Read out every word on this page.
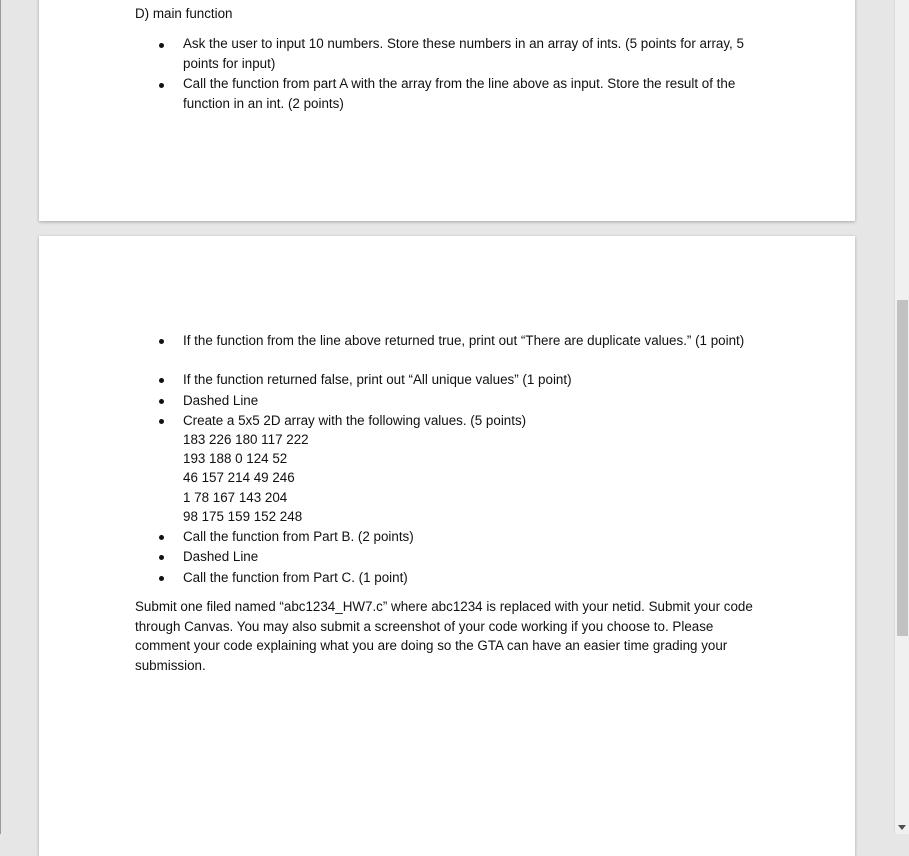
D) main function
Ask the user to input 10 numbers. Store these numbers in an array of ints. (5 points for array, 5 points for input)
Call the function from part A with the array from the line above as input. Store the result of the function in an int. (2 points)
If the function from the line above returned true, print out “There are duplicate values.” (1 point)
If the function returned false, print out “All unique values” (1 point)
Dashed Line
Create a 5x5 2D array with the following values. (5 points)
183 226 180 117 222
193 188 0 124 52
46 157 214 49 246
1 78 167 143 204
98 175 159 152 248
Call the function from Part B. (2 points)
Dashed Line
Call the function from Part C. (1 point)
Submit one filed named “abc1234_HW7.c” where abc1234 is replaced with your netid. Submit your code through Canvas. You may also submit a screenshot of your code working if you choose to. Please comment your code explaining what you are doing so the GTA can have an easier time grading your submission.
